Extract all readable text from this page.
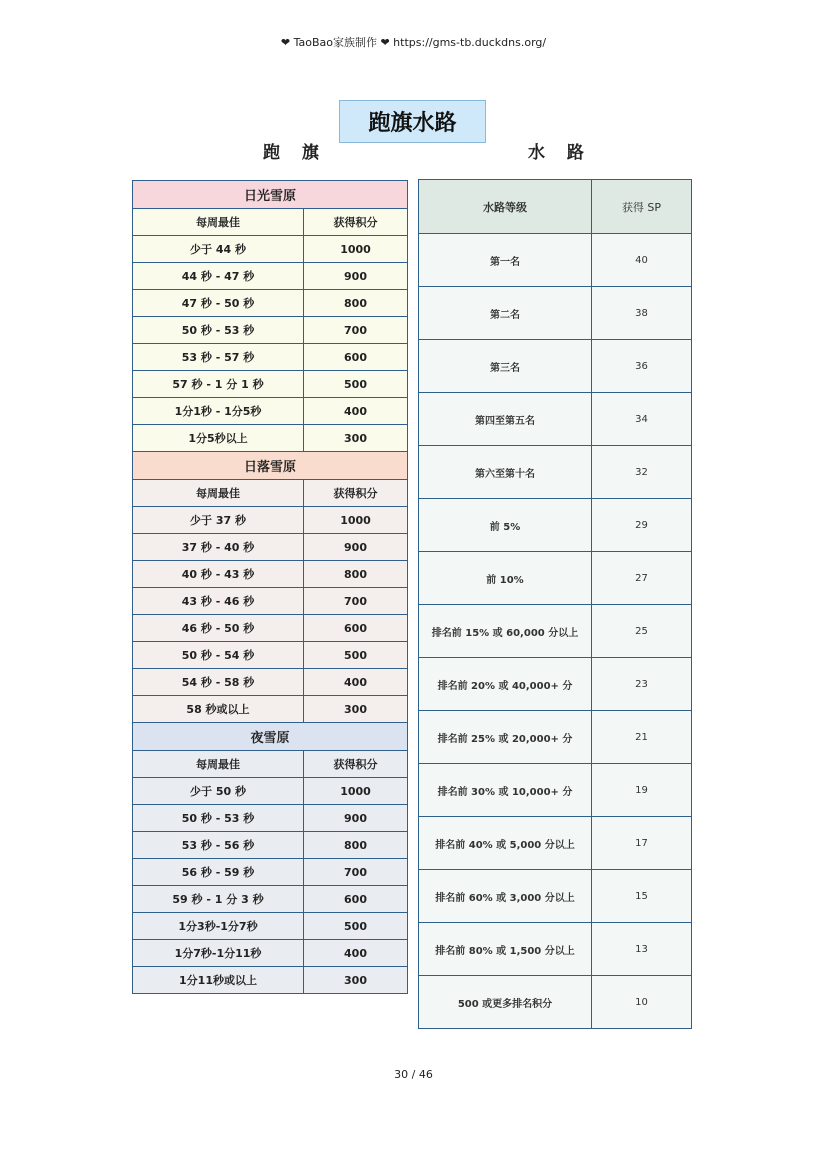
❤ TaoBao家族制作 ❤ https://gms-tb.duckdns.org/
跑旗水路
跑 旗	水 路
日光雪原	
每周最佳	获得积分
少于 44 秒	1000
44 秒 - 47 秒	900
47 秒 - 50 秒	800
50 秒 - 53 秒	700
53 秒 - 57 秒	600
57 秒 - 1 分 1 秒	500
1分1秒 - 1分5秒	400
1分5秒以上	300
日落雪原	
每周最佳	获得积分
少于 37 秒	1000
37 秒 - 40 秒	900
40 秒 - 43 秒	800
43 秒 - 46 秒	700
46 秒 - 50 秒	600
50 秒 - 54 秒	500
54 秒 - 58 秒	400
58 秒或以上	300
夜雪原	
每周最佳	获得积分
少于 50 秒	1000
50 秒 - 53 秒	900
53 秒 - 56 秒	800
56 秒 - 59 秒	700
59 秒 - 1 分 3 秒	600
1分3秒-1分7秒	500
1分7秒-1分11秒	400
1分11秒或以上	300
水路等级	获得 SP
第一名	40
第二名	38
第三名	36
第四至第五名	34
第六至第十名	32
前 5%	29
前 10%	27
排名前 15% 或 60,000 分以上	25
排名前 20% 或 40,000+ 分	23
排名前 25% 或 20,000+ 分	21
排名前 30% 或 10,000+ 分	19
排名前 40% 或 5,000 分以上	17
排名前 60% 或 3,000 分以上	15
排名前 80% 或 1,500 分以上	13
500 或更多排名积分	10
30 / 46
